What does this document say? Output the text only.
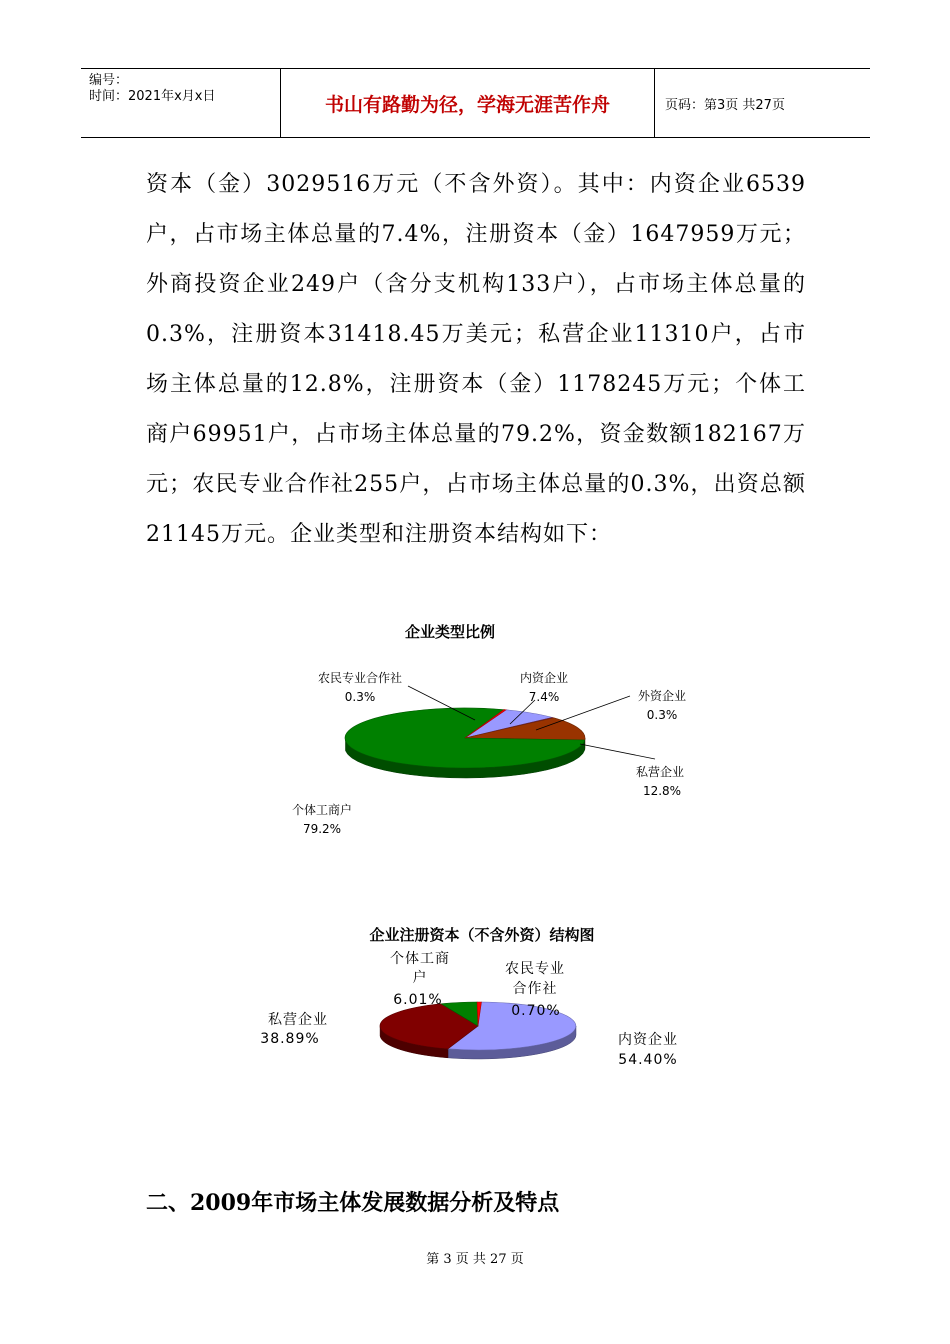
编号：
时间：2021年x月x日	书山有路勤为径，学海无涯苦作舟	页码：第3页 共27页

资本（金）3029516万元（不含外资）。其中：内资企业6539户，占市场主体总量的7.4%，注册资本（金）1647959万元；外商投资企业249户（含分支机构133户），占市场主体总量的0.3%，注册资本31418.45万美元；私营企业11310户，占市场主体总量的12.8%，注册资本（金）1178245万元；个体工商户69951户，占市场主体总量的79.2%，资金数额182167万元；农民专业合作社255户，占市场主体总量的0.3%，出资总额21145万元。企业类型和注册资本结构如下：

企业类型比例
农民专业合作社
0.3%
内资企业
7.4%	外资企业
0.3%
私营企业
12.8%
个体工商户
79.2%
企业注册资本（不含外资）结构图
个体工商户
6.01%
农民专业合作社
0.70%
私营企业
38.89%	内资企业
54.40%
二、2009年市场主体发展数据分析及特点
第 3 页 共 27 页
